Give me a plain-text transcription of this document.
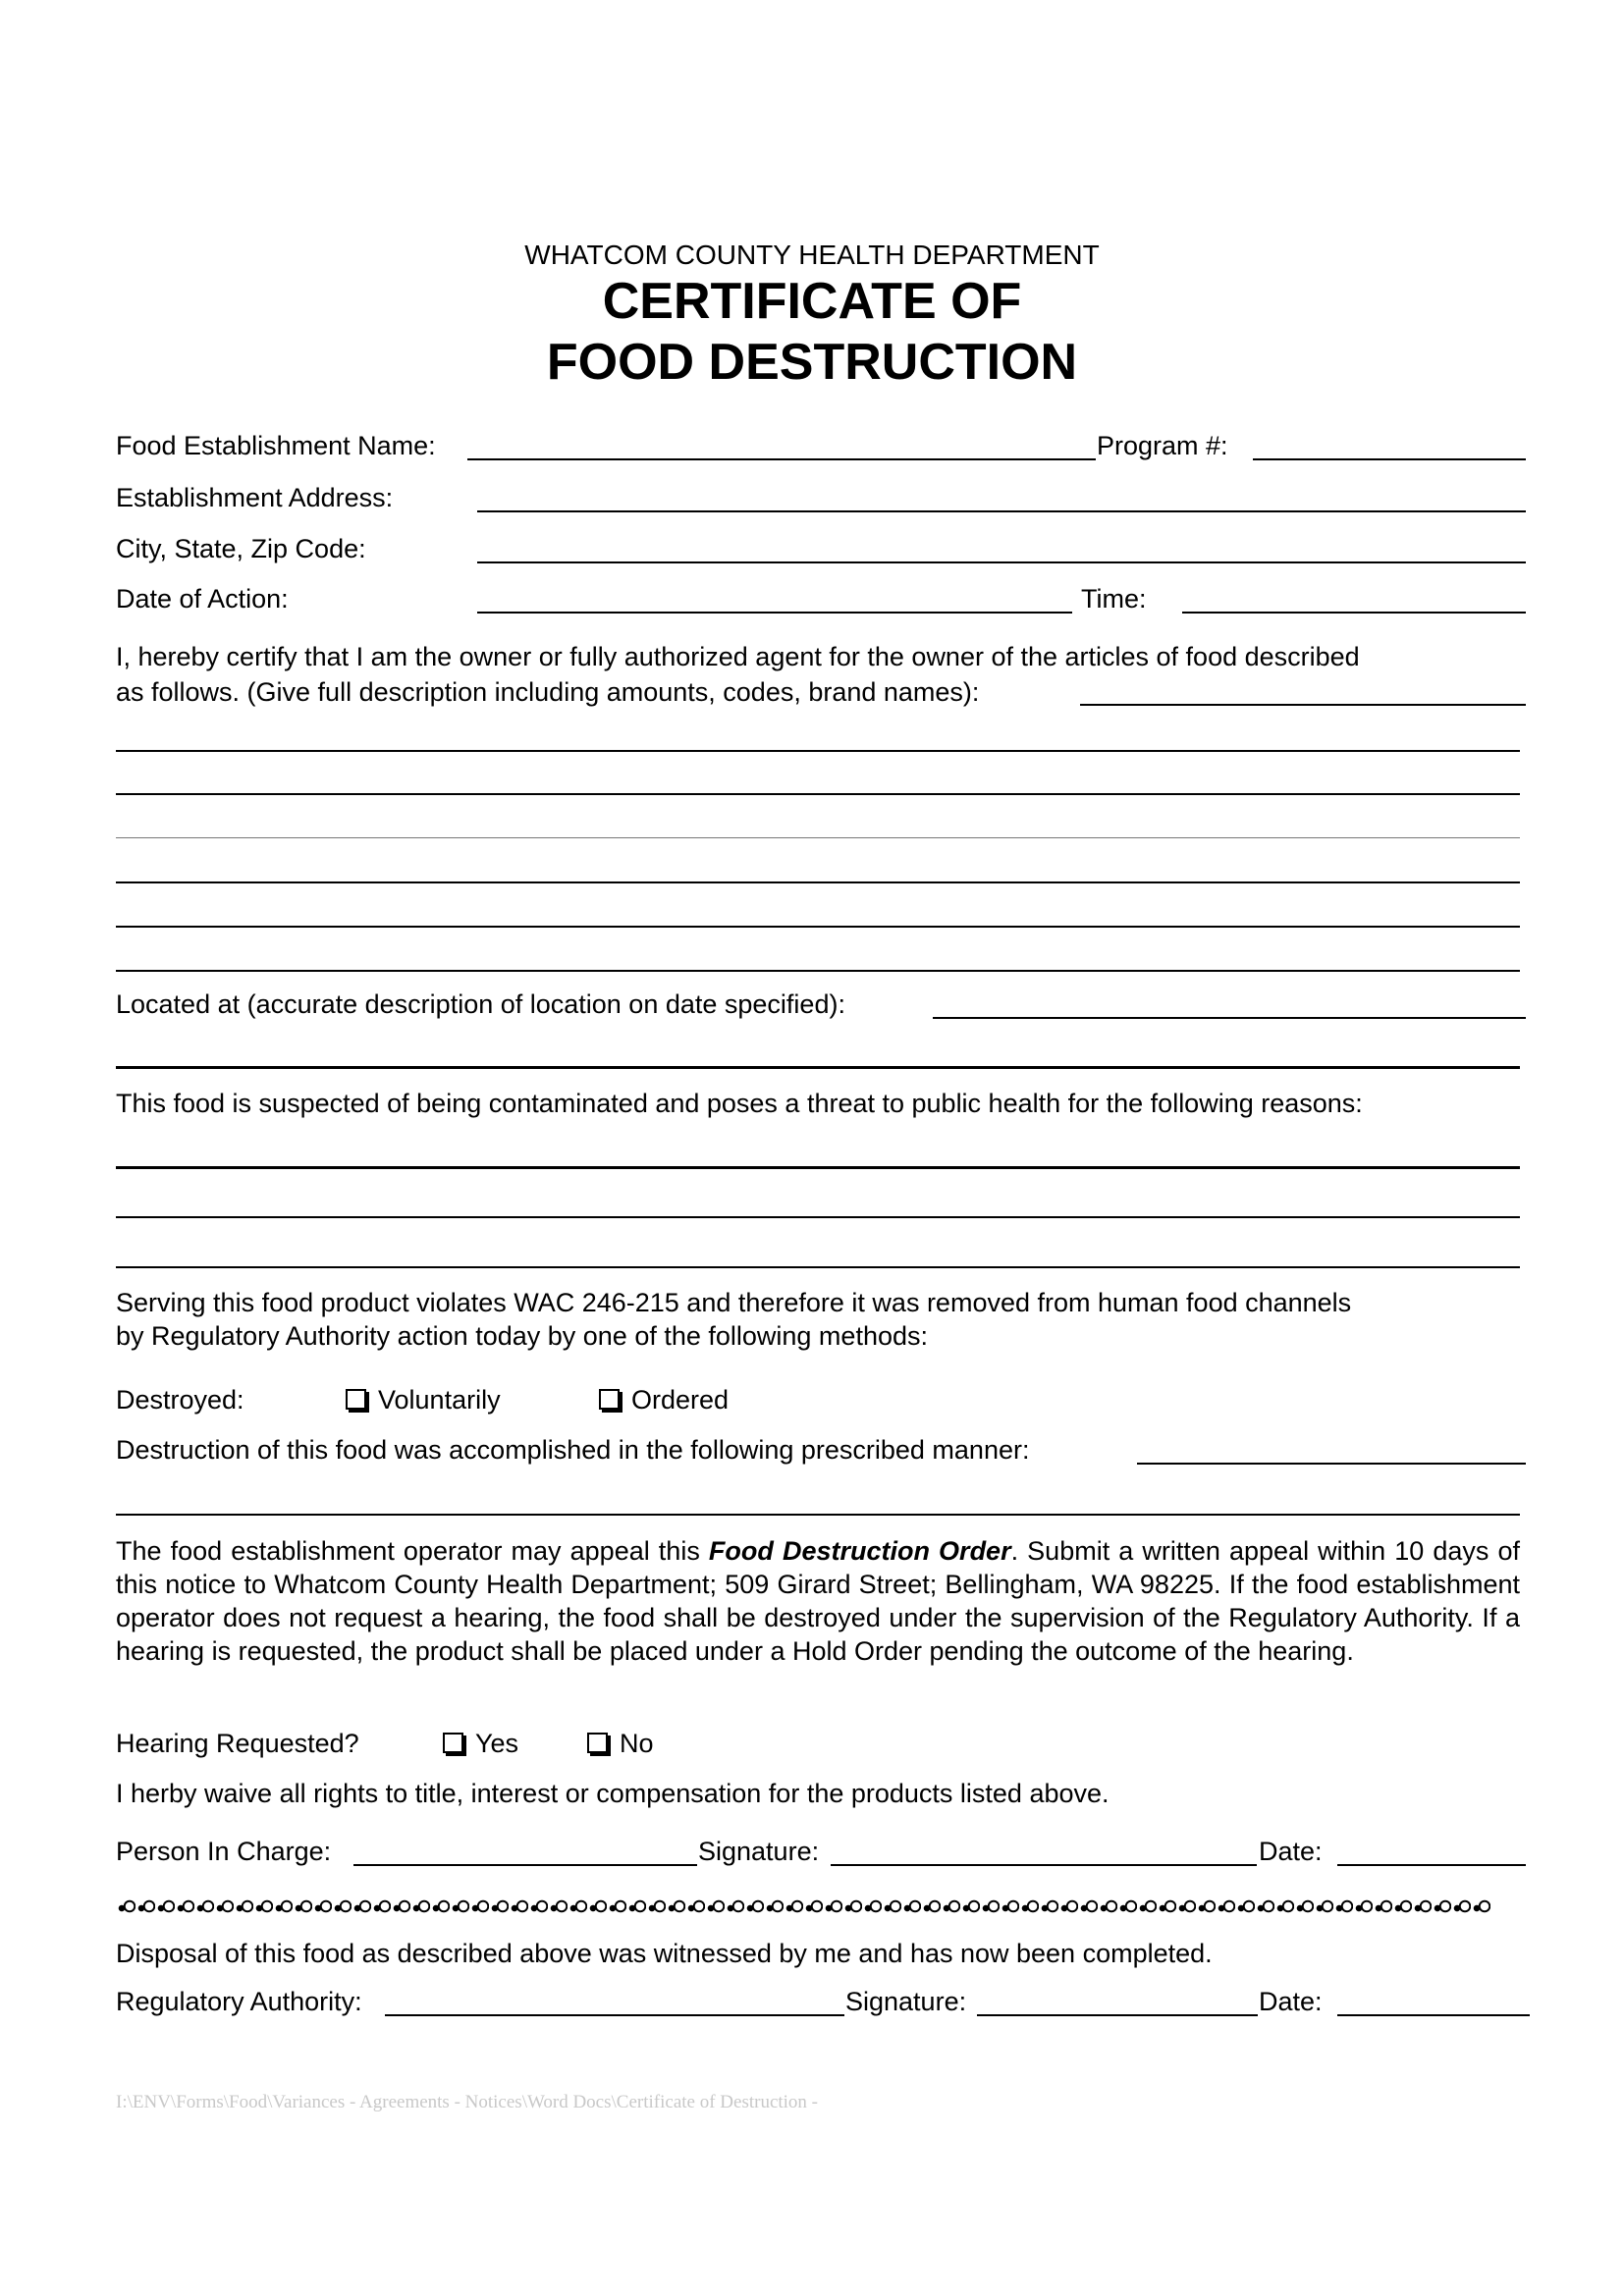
WHATCOM COUNTY HEALTH DEPARTMENT
CERTIFICATE OF
FOOD DESTRUCTION
Food Establishment Name:	Program #:
Establishment Address:
City, State, Zip Code:
Date of Action:	Time:
I, hereby certify that I am the owner or fully authorized agent for the owner of the articles of food described
as follows. (Give full description including amounts, codes, brand names):
Located at (accurate description of location on date specified):
This food is suspected of being contaminated and poses a threat to public health for the following reasons:
Serving this food product violates WAC 246-215 and therefore it was removed from human food channels
by Regulatory Authority action today by one of the following methods:
Destroyed:	Voluntarily	Ordered
Destruction of this food was accomplished in the following prescribed manner:
The food establishment operator may appeal this Food Destruction Order. Submit a written appeal within 10 days of this notice to Whatcom County Health Department; 509 Girard Street; Bellingham, WA 98225. If the food establishment operator does not request a hearing, the food shall be destroyed under the supervision of the Regulatory Authority. If a hearing is requested, the product shall be placed under a Hold Order pending the outcome of the hearing.
Hearing Requested?	Yes	No
I herby waive all rights to title, interest or compensation for the products listed above.
Person In Charge:	Signature:	Date:
Disposal of this food as described above was witnessed by me and has now been completed.
Regulatory Authority:	Signature:	Date:
I:\ENV\Forms\Food\Variances - Agreements - Notices\Word Docs\Certificate of Destruction -
